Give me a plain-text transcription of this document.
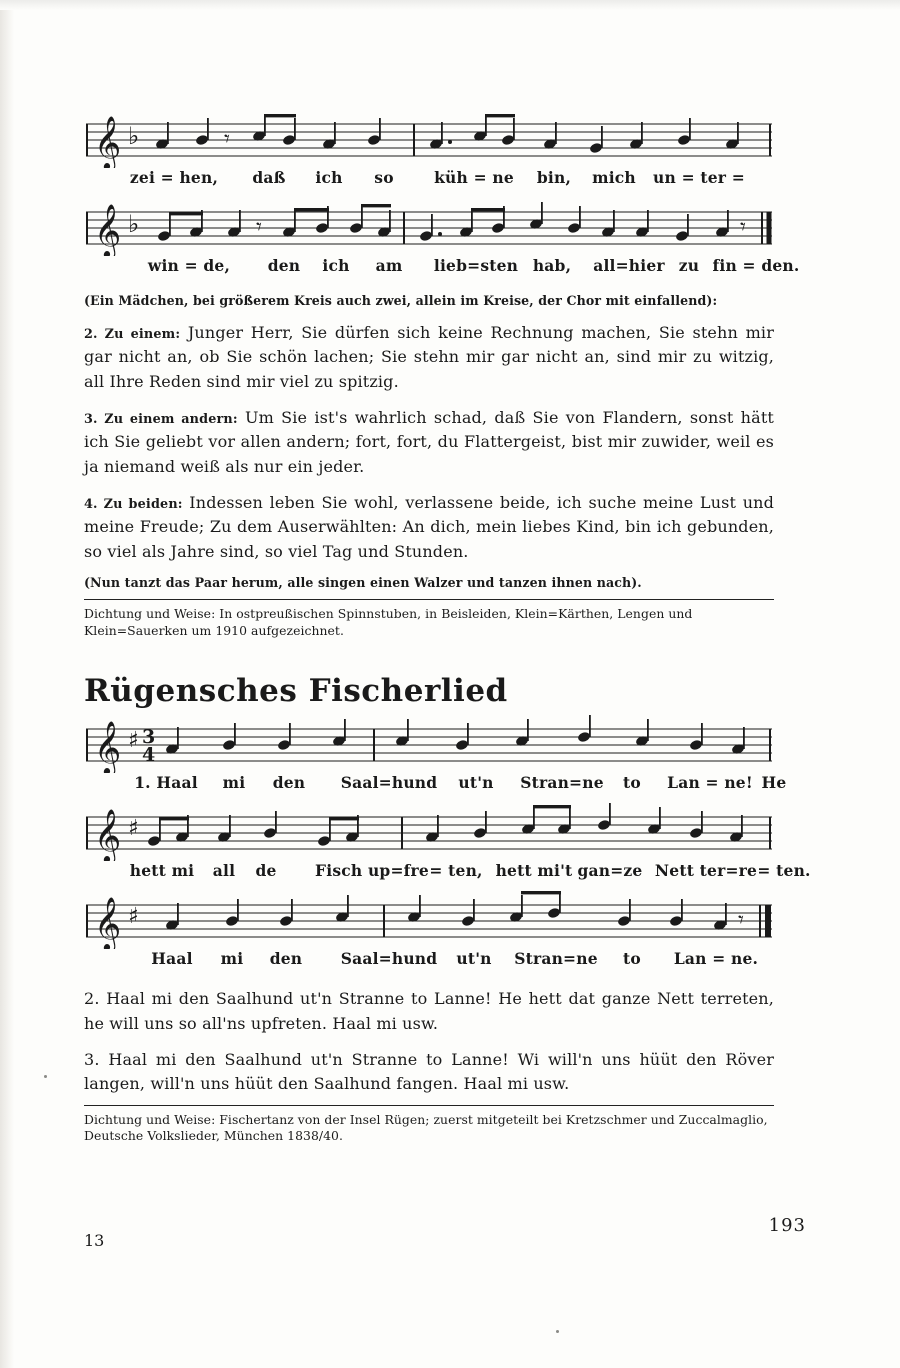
𝄞 ♭	𝄾
zei = hen, daß ich so	küh = ne bin, mich un = ter =
𝄞 ♭	𝄾	𝄾
win = de, den ich am lieb=sten hab, all=hier zu fin = den.

(Ein Mädchen, bei größerem Kreis auch zwei, allein im Kreise, der Chor mit einfallend):

2. Zu einem: Junger Herr, Sie dürfen sich keine Rechnung machen, Sie stehn mir gar nicht an, ob Sie schön lachen; Sie stehn mir gar nicht an, sind mir zu witzig, all Ihre Reden sind mir viel zu spitzig.

3. Zu einem andern: Um Sie ist's wahrlich schad, daß Sie von Flandern, sonst hätt ich Sie geliebt vor allen andern; fort, fort, du Flattergeist, bist mir zuwider, weil es ja niemand weiß als nur ein jeder.

4. Zu beiden: Indessen leben Sie wohl, verlassene beide, ich suche meine Lust und meine Freude; Zu dem Auserwählten: An dich, mein liebes Kind, bin ich gebunden, so viel als Jahre sind, so viel Tag und Stunden.

(Nun tanzt das Paar herum, alle singen einen Walzer und tanzen ihnen nach).

Dichtung und Weise: In ostpreußischen Spinnstuben, in Beisleiden, Klein=Kärthen, Lengen und Klein=Sauerken um 1910 aufgezeichnet.

Rügensches Fischerlied
𝄞 ♯ 3
4
1. Haal mi den Saal=hund ut'n Stran=ne to Lan = ne! He
𝄞 ♯
hett mi all de Fisch up=fre = ten, hett mi't gan=ze Nett ter=re = ten.
𝄞 ♯	𝄾
Haal mi den Saal=hund ut'n Stran=ne to Lan = ne.

2. Haal mi den Saalhund ut'n Stranne to Lanne! He hett dat ganze Nett terreten, he will uns so all'ns upfreten. Haal mi usw.

3. Haal mi den Saalhund ut'n Stranne to Lanne! Wi will'n uns hüüt den Röver langen, will'n uns hüüt den Saalhund fangen. Haal mi usw.

Dichtung und Weise: Fischertanz von der Insel Rügen; zuerst mitgeteilt bei Kretzschmer und Zuccalmaglio, Deutsche Volkslieder, München 1838/40.

193
13
